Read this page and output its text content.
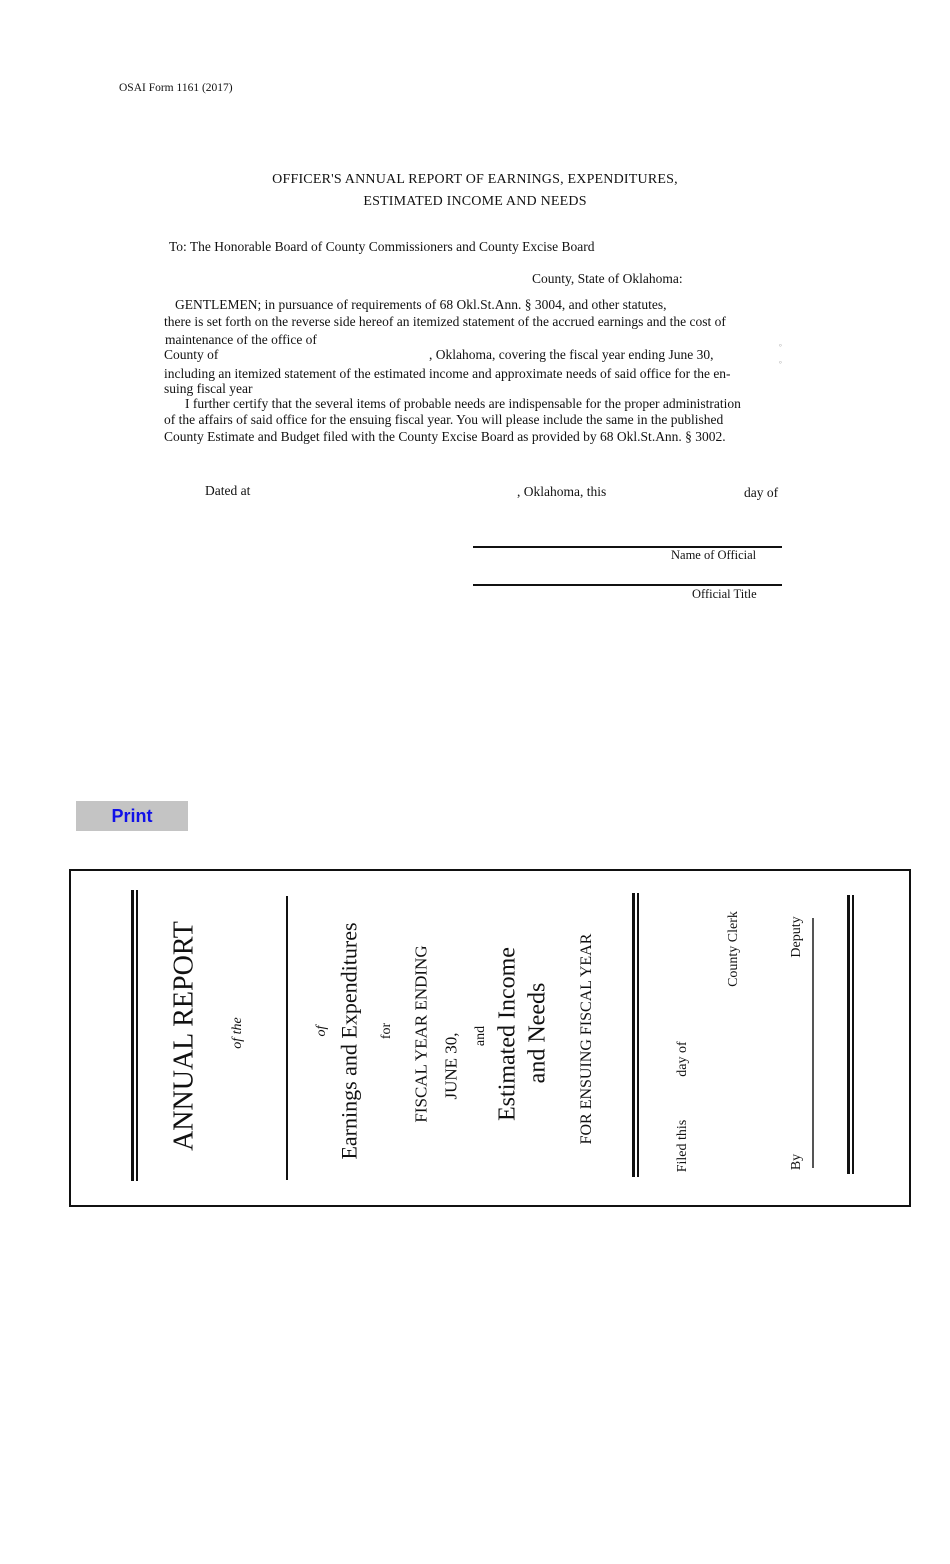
OSAI Form 1161 (2017)
OFFICER'S ANNUAL REPORT OF EARNINGS, EXPENDITURES,
ESTIMATED INCOME AND NEEDS
To: The Honorable Board of County Commissioners and County Excise Board
County, State of Oklahoma:
GENTLEMEN; in pursuance of requirements of 68 Okl.St.Ann. § 3004, and other statutes,
there is set forth on the reverse side hereof an itemized statement of the accrued earnings and the cost of
maintenance of the office of
County of	, Oklahoma, covering the fiscal year ending June 30,	°
°
including an itemized statement of the estimated income and approximate needs of said office for the en-
suing fiscal year
I further certify that the several items of probable needs are indispensable for the proper administration
of the affairs of said office for the ensuing fiscal year. You will please include the same in the published
County Estimate and Budget filed with the County Excise Board as provided by 68 Okl.St.Ann. § 3002.
Dated at	, Oklahoma, this	day of
Name of Official
Official Title
Print
ANNUAL REPORT of the	of Earnings and Expenditures for FISCAL YEAR ENDING JUNE 30, and Estimated Income and Needs FOR ENSUING FISCAL YEAR
Filed this
day of
County Clerk
By
Deputy
